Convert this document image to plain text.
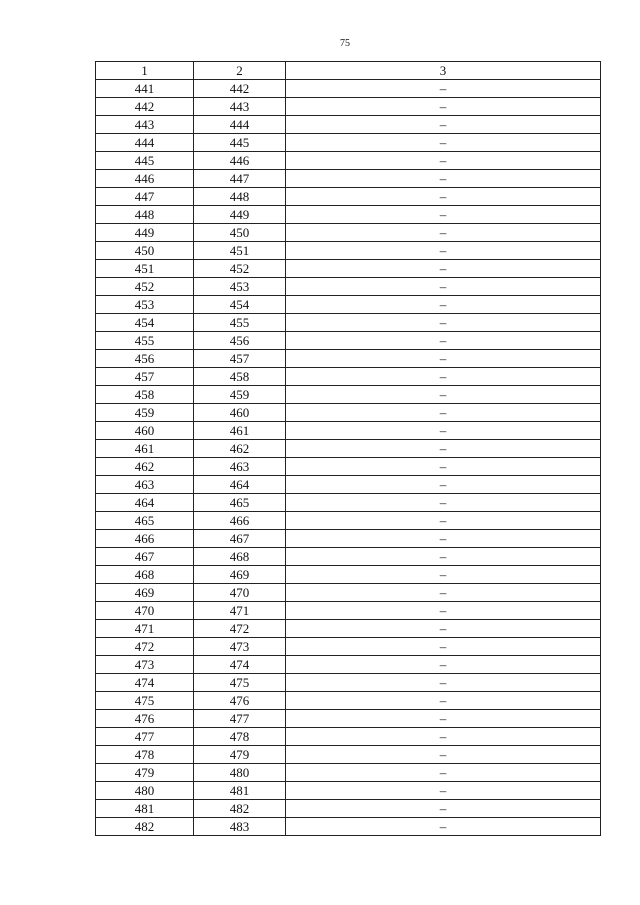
75
1	2	3
441	442	–
442	443	–
443	444	–
444	445	–
445	446	–
446	447	–
447	448	–
448	449	–
449	450	–
450	451	–
451	452	–
452	453	–
453	454	–
454	455	–
455	456	–
456	457	–
457	458	–
458	459	–
459	460	–
460	461	–
461	462	–
462	463	–
463	464	–
464	465	–
465	466	–
466	467	–
467	468	–
468	469	–
469	470	–
470	471	–
471	472	–
472	473	–
473	474	–
474	475	–
475	476	–
476	477	–
477	478	–
478	479	–
479	480	–
480	481	–
481	482	–
482	483	–
